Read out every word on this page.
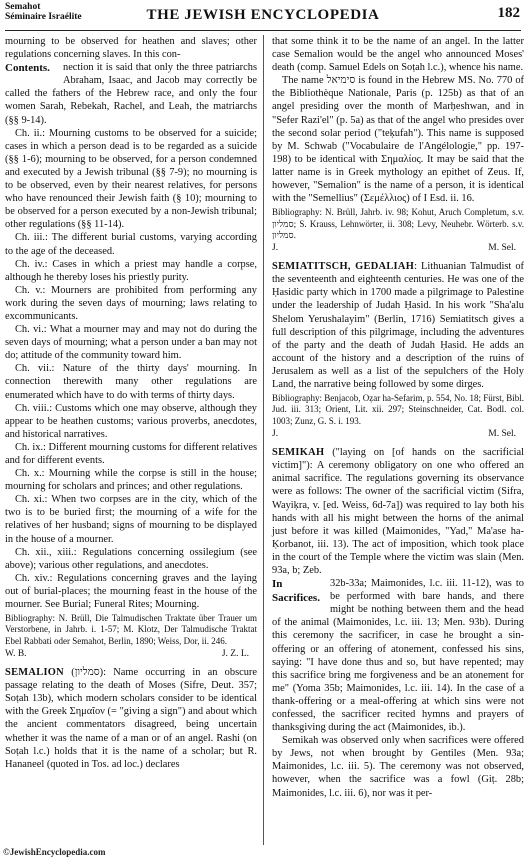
Semahot
Séminaire Israélite	THE JEWISH ENCYCLOPEDIA	182

mourning to be observed for heathen and slaves; other regulations concerning slaves. In this con-

Contents.	nection it is said that only the three patriarchs Abraham, Isaac, and Jacob may correctly be called the fathers of the Hebrew race, and only the four women Sarah, Rebekah, Rachel, and Leah, the matriarchs (§§ 9-14).

Ch. ii.: Mourning customs to be observed for a suicide; cases in which a person dead is to be regarded as a suicide (§§ 1-6); mourning to be observed, for a person condemned and executed by a Jewish tribunal (§§ 7-9); no mourning is to be observed, even by their nearest relatives, for persons who have renounced their Jewish faith (§ 10); mourning to be observed for a person executed by a non-Jewish tribunal; other regulations (§§ 11-14).

Ch. iii.: The different burial customs, varying according to the age of the deceased.

Ch. iv.: Cases in which a priest may handle a corpse, although he thereby loses his priestly purity.

Ch. v.: Mourners are prohibited from performing any work during the seven days of mourning; laws relating to excommunicants.

Ch. vi.: What a mourner may and may not do during the seven days of mourning; what a person under a ban may not do; attitude of the community toward him.

Ch. vii.: Nature of the thirty days' mourning. In connection therewith many other regulations are enumerated which have to do with terms of thirty days.

Ch. viii.: Customs which one may observe, although they appear to be heathen customs; various proverbs, anecdotes, and historical narratives.

Ch. ix.: Different mourning customs for different relatives and for different events.

Ch. x.: Mourning while the corpse is still in the house; mourning for scholars and princes; and other regulations.

Ch. xi.: When two corpses are in the city, which of the two is to be buried first; the mourning of a wife for the relatives of her husband; signs of mourning to be displayed in the house of a mourner.

Ch. xii., xiii.: Regulations concerning ossilegium (see above); various other regulations, and anecdotes.

Ch. xiv.: Regulations concerning graves and the laying out of burial-places; the mourning feast in the house of the mourner. See Burial; Funeral Rites; Mourning.

Bibliography: N. Brüll, Die Talmudischen Traktate über Trauer um Verstorbene, in Jahrb. i. 1-57; M. Klotz, Der Talmudische Traktat Ebel Rabbati oder Semahot, Berlin, 1890; Weiss, Dor, ii. 246.

W. B.	J. Z. L.

SEMALION (סמליון): Name occurring in an obscure passage relating to the death of Moses (Sifre, Deut. 357; Soṭah 13b), which modern scholars consider to be identical with the Greek Σημαῖον (= "giving a sign") and about which the ancient commentators disagreed, being uncertain whether it was the name of a man or of an angel. Rashi (on Soṭah l.c.) holds that it is the name of a scholar; but R. Hananeel (quoted in Tos. ad loc.) declares

that some think it to be the name of an angel. In the latter case Semalion would be the angel who announced Moses' death (comp. Samuel Edels on Soṭah l.c.), whence his name.

The name סימיאל is found in the Hebrew MS. No. 770 of the Bibliothèque Nationale, Paris (p. 125b) as that of an angel presiding over the month of Marḥeshwan, and in "Sefer Razi'el" (p. 5a) as that of the angel who presides over the second solar period ("teḳufah"). This name is supposed by M. Schwab ("Vocabulaire de l'Angélologie," pp. 197-198) to be identical with Σημαλίος. It may be said that the latter name is in Greek mythology an epithet of Zeus. If, however, "Semalion" is the name of a person, it is identical with the "Semellius" (Σεμέλλιος) of I Esd. ii. 16.

Bibliography: N. Brüll, Jahrb. iv. 98; Kohut, Aruch Completum, s.v. סמליון; S. Krauss, Lehnwörter, ii. 308; Levy, Neuhebr. Wörterb. s.v. סמליון.

J.	M. Sel.

SEMIATITSCH, GEDALIAH: Lithuanian Talmudist of the seventeenth and eighteenth centuries. He was one of the Ḥasidic party which in 1700 made a pilgrimage to Palestine under the leadership of Judah Ḥasid. In his work "Sha'alu Shelom Yerushalayim" (Berlin, 1716) Semiatitsch gives a full description of this pilgrimage, including the adventures of the party and the death of Judah Ḥasid. He adds an account of the history and a description of the ruins of Jerusalem as well as a list of the sepulchers of the Holy Land, the narrative being followed by some dirges.

Bibliography: Benjacob, Oẓar ha-Sefarim, p. 554, No. 18; Fürst, Bibl. Jud. iii. 313; Orient, Lit. xii. 297; Steinschneider, Cat. Bodl. col. 1003; Zunz, G. S. i. 193.

J.	M. Sel.

SEMIKAH ("laying on [of hands on the sacrificial victim]"): A ceremony obligatory on one who offered an animal sacrifice. The regulations governing its observance were as follows: The owner of the sacrificial victim (Sifra, Wayiḳra, v. [ed. Weiss, 6d-7a]) was required to lay both his hands with all his might between the horns of the animal just before it was killed (Maimonides, "Yad," Ma'ase ha-Ḳorbanot, iii. 13). The act of imposition, which took place in the court of the Temple where the victim was slain (Men. 93a, b; Zeb.

In Sacrifices.

32b-33a; Maimonides, l.c. iii. 11-12), was to be performed with bare hands, and there might be nothing between them and the head of the animal (Maimonides, l.c. iii. 13; Men. 93b). During this ceremony the sacrificer, in case he brought a sin-offering or an offering of atonement, confessed his sins, saying: "I have done thus and so, but have repented; may this sacrifice bring me forgiveness and be an atonement for me" (Yoma 35b; Maimonides, l.c. iii. 14). In the case of a thank-offering or a meal-offering at which sins were not confessed, the sacrificer recited hymns and prayers of thanksgiving during the act (Maimonides, ib.).

Semikah was observed only when sacrifices were offered by Jews, not when brought by Gentiles (Men. 93a; Maimonides, l.c. iii. 5). The ceremony was not observed, however, when the sacrifice was a fowl (Giṭ. 28b; Maimonides, l.c. iii. 6), nor was it per-

©JewishEncyclopedia.com
